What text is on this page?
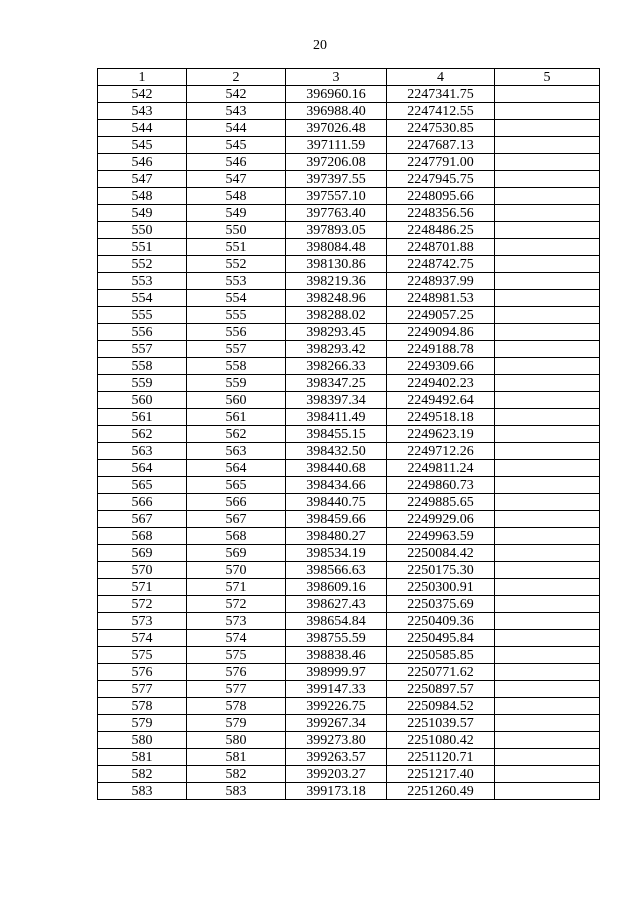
20
1	2	3	4	5
542	542	396960.16	2247341.75	
543	543	396988.40	2247412.55	
544	544	397026.48	2247530.85	
545	545	397111.59	2247687.13	
546	546	397206.08	2247791.00	
547	547	397397.55	2247945.75	
548	548	397557.10	2248095.66	
549	549	397763.40	2248356.56	
550	550	397893.05	2248486.25	
551	551	398084.48	2248701.88	
552	552	398130.86	2248742.75	
553	553	398219.36	2248937.99	
554	554	398248.96	2248981.53	
555	555	398288.02	2249057.25	
556	556	398293.45	2249094.86	
557	557	398293.42	2249188.78	
558	558	398266.33	2249309.66	
559	559	398347.25	2249402.23	
560	560	398397.34	2249492.64	
561	561	398411.49	2249518.18	
562	562	398455.15	2249623.19	
563	563	398432.50	2249712.26	
564	564	398440.68	2249811.24	
565	565	398434.66	2249860.73	
566	566	398440.75	2249885.65	
567	567	398459.66	2249929.06	
568	568	398480.27	2249963.59	
569	569	398534.19	2250084.42	
570	570	398566.63	2250175.30	
571	571	398609.16	2250300.91	
572	572	398627.43	2250375.69	
573	573	398654.84	2250409.36	
574	574	398755.59	2250495.84	
575	575	398838.46	2250585.85	
576	576	398999.97	2250771.62	
577	577	399147.33	2250897.57	
578	578	399226.75	2250984.52	
579	579	399267.34	2251039.57	
580	580	399273.80	2251080.42	
581	581	399263.57	2251120.71	
582	582	399203.27	2251217.40	
583	583	399173.18	2251260.49	
